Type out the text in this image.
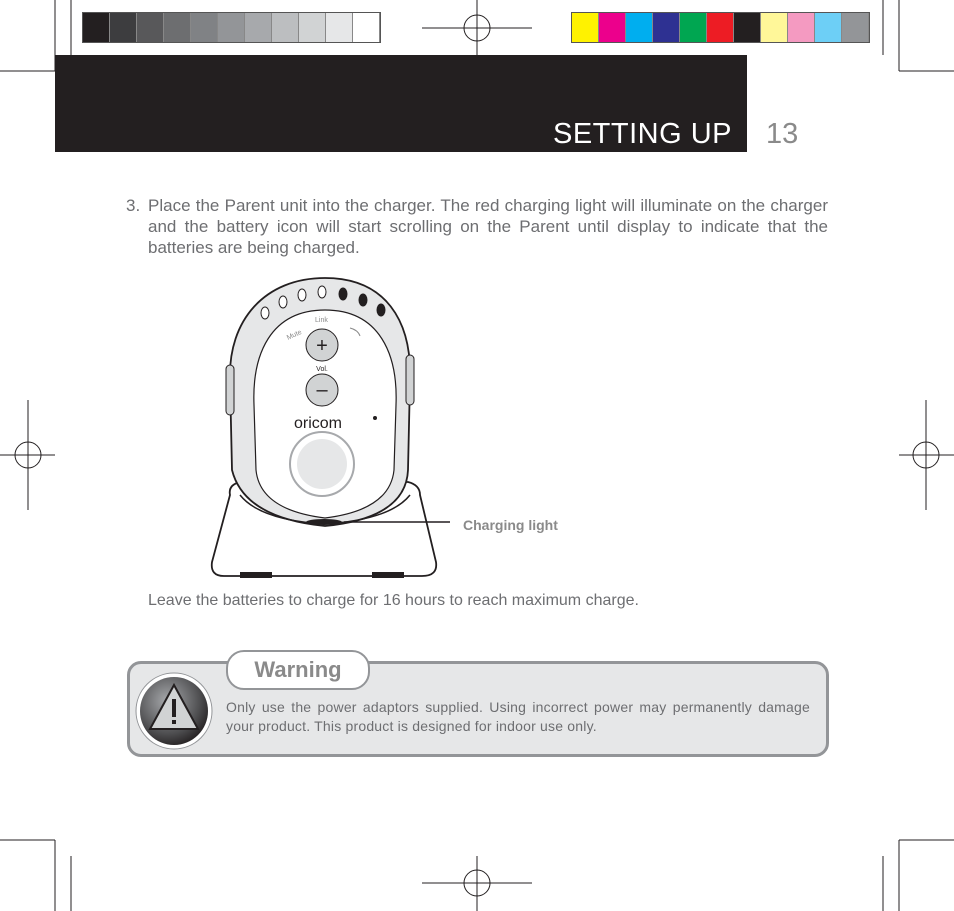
SETTING UP 13
3. Place the Parent unit into the charger. The red charging light will illuminate on the charger and the battery icon will start scrolling on the Parent until display to indicate that the batteries are being charged.
Mute
Link
+
Vol.
–
oricom
Charging light
Leave the batteries to charge for 16 hours to reach maximum charge.
Warning
Only use the power adaptors supplied. Using incorrect power may permanently damage your product. This product is designed for indoor use only.
